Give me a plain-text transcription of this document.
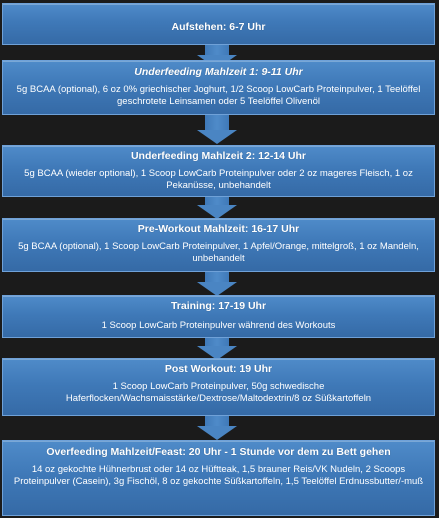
Aufstehen: 6-7 Uhr
Underfeeding Mahlzeit 1: 9-11 Uhr
5g BCAA (optional), 6 oz 0% griechischer Joghurt, 1/2 Scoop LowCarb Proteinpulver, 1 Teelöffel geschrotete Leinsamen oder 5 Teelöffel Olivenöl
Underfeeding Mahlzeit 2: 12-14 Uhr
5g BCAA (wieder optional), 1 Scoop LowCarb Proteinpulver oder 2 oz mageres Fleisch, 1 oz Pekanüsse, unbehandelt
Pre-Workout Mahlzeit: 16-17 Uhr
5g BCAA (optional), 1 Scoop LowCarb Proteinpulver, 1 Apfel/Orange, mittelgroß, 1 oz Mandeln, unbehandelt
Training: 17-19 Uhr
1 Scoop LowCarb Proteinpulver während des Workouts
Post Workout: 19 Uhr
1 Scoop LowCarb Proteinpulver, 50g schwedische Haferflocken/Wachsmaisstärke/Dextrose/Maltodextrin/8 oz Süßkartoffeln
Overfeeding Mahlzeit/Feast: 20 Uhr - 1 Stunde vor dem zu Bett gehen
14 oz gekochte Hühnerbrust oder 14 oz Hüftteak, 1,5 brauner Reis/VK Nudeln, 2 Scoops Proteinpulver (Casein), 3g Fischöl, 8 oz gekochte Süßkartoffeln, 1,5 Teelöffel Erdnussbutter/-muß
